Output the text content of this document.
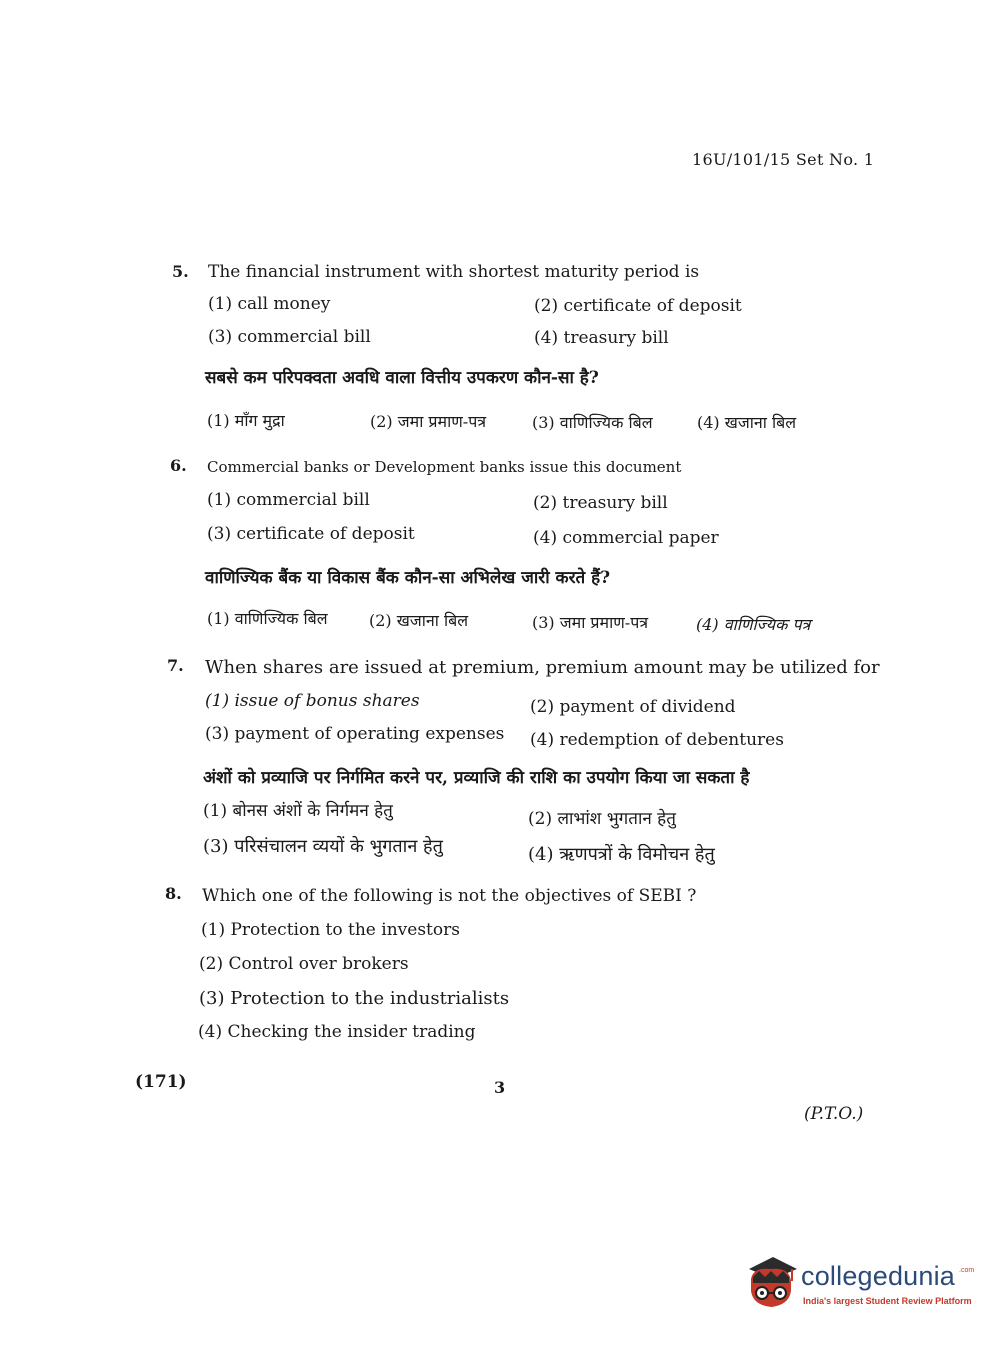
16U/101/15 Set No. 1
5. The financial instrument with shortest maturity period is
(1) call money	(2) certificate of deposit
(3) commercial bill	(4) treasury bill
सबसे कम परिपक्वता अवधि वाला वित्तीय उपकरण कौन-सा है?
(1) माँग मुद्रा	(2) जमा प्रमाण-पत्र	(3) वाणिज्यिक बिल	(4) खजाना बिल
6. Commercial banks or Development banks issue this document
(1) commercial bill	(2) treasury bill
(3) certificate of deposit	(4) commercial paper
वाणिज्यिक बैंक या विकास बैंक कौन-सा अभिलेख जारी करते हैं?
(1) वाणिज्यिक बिल	(2) खजाना बिल	(3) जमा प्रमाण-पत्र	(4) वाणिज्यिक पत्र
7. When shares are issued at premium, premium amount may be utilized for
(1) issue of bonus shares	(2) payment of dividend
(3) payment of operating expenses (4) redemption of debentures
अंशों को प्रव्याजि पर निर्गमित करने पर, प्रव्याजि की राशि का उपयोग किया जा सकता है
(1) बोनस अंशों के निर्गमन हेतु	(2) लाभांश भुगतान हेतु
(3) परिसंचालन व्ययों के भुगतान हेतु	(4) ऋणपत्रों के विमोचन हेतु
8. Which one of the following is not the objectives of SEBI ?
(1) Protection to the investors
(2) Control over brokers
(3) Protection to the industrialists
(4) Checking the insider trading
(171)	3
(P.T.O.)
collegedunia .com
India's largest Student Review Platform
